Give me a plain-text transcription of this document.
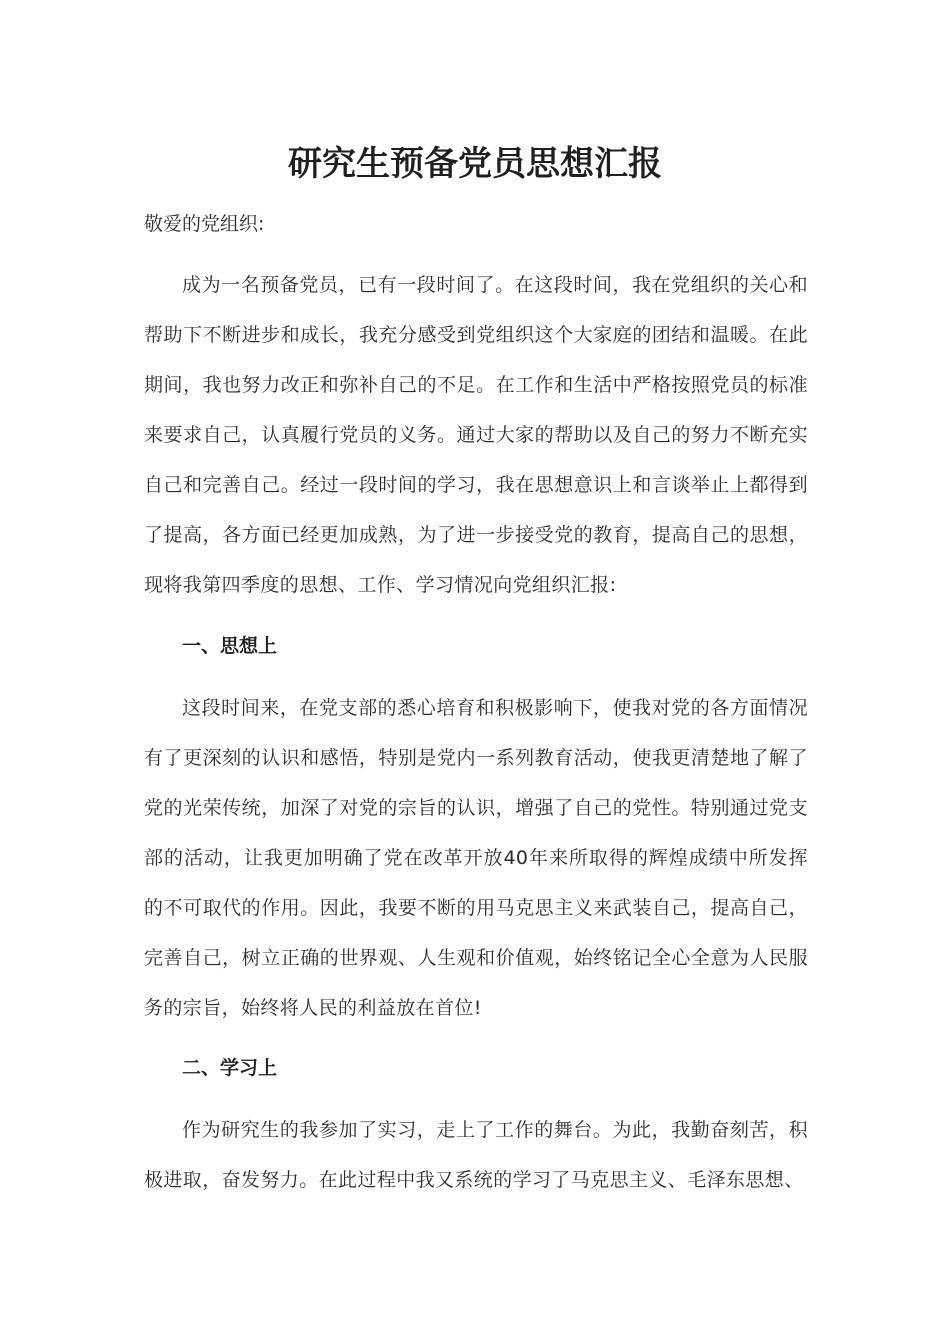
研究生预备党员思想汇报

敬爱的党组织:

成为一名预备党员，已有一段时间了。在这段时间，我在党组织的关心和帮助下不断进步和成长，我充分感受到党组织这个大家庭的团结和温暖。在此期间，我也努力改正和弥补自己的不足。在工作和生活中严格按照党员的标准来要求自己，认真履行党员的义务。通过大家的帮助以及自己的努力不断充实自己和完善自己。经过一段时间的学习，我在思想意识上和言谈举止上都得到了提高，各方面已经更加成熟，为了进一步接受党的教育，提高自己的思想，现将我第四季度的思想、工作、学习情况向党组织汇报:

一、思想上

这段时间来，在党支部的悉心培育和积极影响下，使我对党的各方面情况有了更深刻的认识和感悟，特别是党内一系列教育活动，使我更清楚地了解了党的光荣传统，加深了对党的宗旨的认识，增强了自己的党性。特别通过党支部的活动，让我更加明确了党在改革开放40年来所取得的辉煌成绩中所发挥的不可取代的作用。因此，我要不断的用马克思主义来武装自己，提高自己，完善自己，树立正确的世界观、人生观和价值观，始终铭记全心全意为人民服务的宗旨，始终将人民的利益放在首位!

二、学习上

作为研究生的我参加了实习，走上了工作的舞台。为此，我勤奋刻苦，积极进取，奋发努力。在此过程中我又系统的学习了马克思主义、毛泽东思想、
